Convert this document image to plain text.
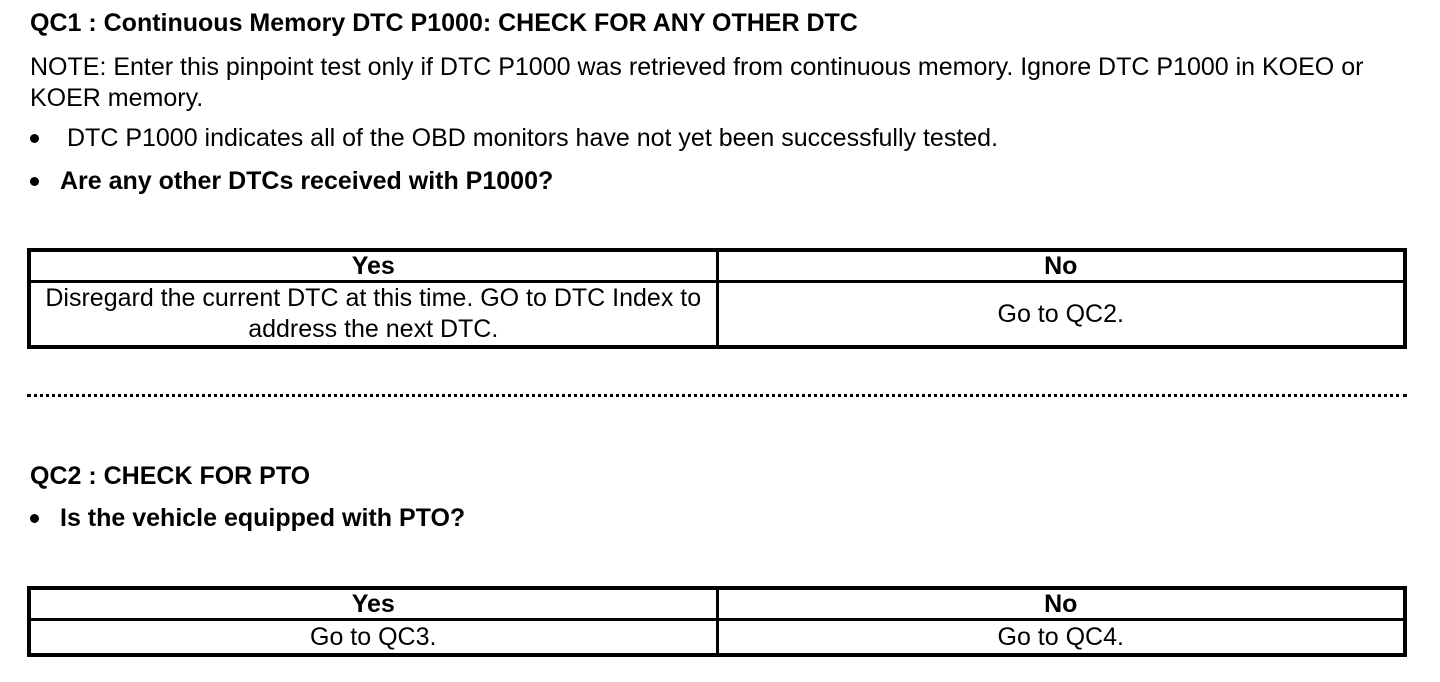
QC1 : Continuous Memory DTC P1000: CHECK FOR ANY OTHER DTC
NOTE: Enter this pinpoint test only if DTC P1000 was retrieved from continuous memory. Ignore DTC P1000 in KOEO or KOER memory.
DTC P1000 indicates all of the OBD monitors have not yet been successfully tested.
Are any other DTCs received with P1000?
Yes	No
Disregard the current DTC at this time. GO to DTC Index to address the next DTC.	Go to QC2.
QC2 : CHECK FOR PTO
Is the vehicle equipped with PTO?
Yes	No
Go to QC3.	Go to QC4.
